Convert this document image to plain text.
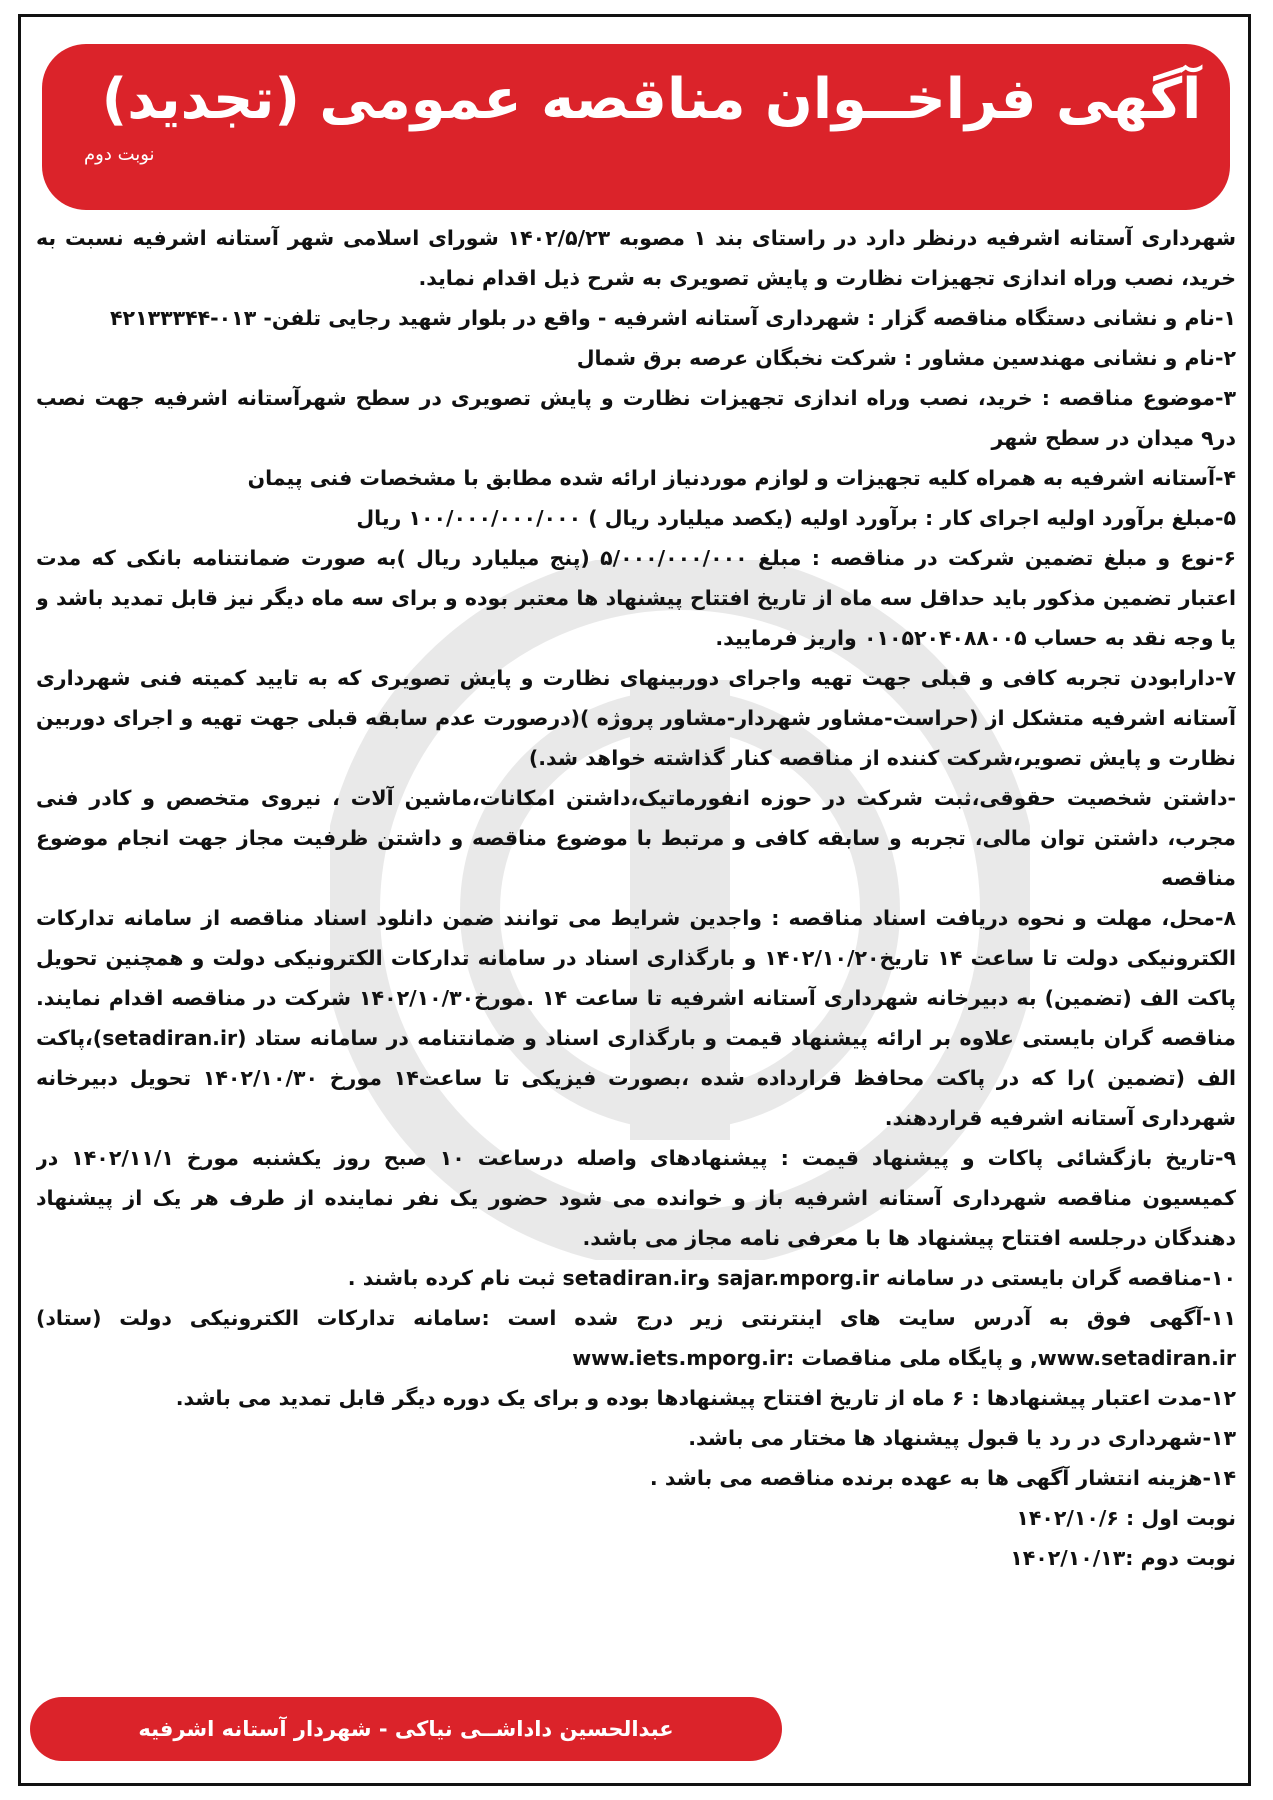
آگهی فراخــوان مناقصه عمومی (تجدید)
نوبت دوم

شهرداری آستانه اشرفیه درنظر دارد در راستای بند ۱ مصوبه ۱۴۰۲/۵/۲۳ شورای اسلامی شهر آستانه اشرفیه نسبت به خرید، نصب وراه اندازی تجهیزات نظارت و پایش تصویری به شرح ذیل اقدام نماید.

۱-نام و نشانی دستگاه مناقصه گزار : شهرداری آستانه اشرفیه - واقع در بلوار شهید رجایی تلفن- ۰۱۳-۴۲۱۳۳۳۴۴

۲-نام و نشانی مهندسین مشاور : شرکت نخبگان عرصه برق شمال

۳-موضوع مناقصه : خرید، نصب وراه اندازی تجهیزات نظارت و پایش تصویری در سطح شهرآستانه اشرفیه جهت نصب در۹ میدان در سطح شهر

۴-آستانه اشرفیه به همراه کلیه تجهیزات و لوازم موردنیاز ارائه شده مطابق با مشخصات فنی پیمان

۵-مبلغ برآورد اولیه اجرای کار : برآورد اولیه (یکصد میلیارد ریال ) ۱۰۰/۰۰۰/۰۰۰/۰۰۰ ریال

۶-نوع و مبلغ تضمین شرکت در مناقصه : مبلغ ۵/۰۰۰/۰۰۰/۰۰۰ (پنج میلیارد ریال )به صورت ضمانتنامه بانکی که مدت اعتبار تضمین مذکور باید حداقل سه ماه از تاریخ افتتاح پیشنهاد ها معتبر بوده و برای سه ماه دیگر نیز قابل تمدید باشد و یا وجه نقد به حساب ۰۱۰۵۲۰۴۰۸۸۰۰۵ واریز فرمایید.

۷-دارابودن تجربه کافی و قبلی جهت تهیه واجرای دوربینهای نظارت و پایش تصویری که به تایید کمیته فنی شهرداری آستانه اشرفیه متشکل از (حراست-مشاور شهردار-مشاور پروژه )(درصورت عدم سابقه قبلی جهت تهیه و اجرای دوربین نظارت و پایش تصویر،شرکت کننده از مناقصه کنار گذاشته خواهد شد.)

-داشتن شخصیت حقوقی،ثبت شرکت در حوزه انفورماتیک،داشتن امکانات،ماشین آلات ، نیروی متخصص و کادر فنی مجرب، داشتن توان مالی، تجربه و سابقه کافی و مرتبط با موضوع مناقصه و داشتن ظرفیت مجاز جهت انجام موضوع مناقصه

۸-محل، مهلت و نحوه دریافت اسناد مناقصه : واجدین شرایط می توانند ضمن دانلود اسناد مناقصه از سامانه تدارکات الکترونیکی دولت تا ساعت ۱۴ تاریخ۱۴۰۲/۱۰/۲۰ و بارگذاری اسناد در سامانه تدارکات الکترونیکی دولت و همچنین تحویل پاکت الف (تضمین) به دبیرخانه شهرداری آستانه اشرفیه تا ساعت ۱۴ .مورخ۱۴۰۲/۱۰/۳۰ شرکت در مناقصه اقدام نمایند. مناقصه گران بایستی علاوه بر ارائه پیشنهاد قیمت و بارگذاری اسناد و ضمانتنامه در سامانه ستاد (setadiran.ir)،پاکت الف (تضمین )را که در پاکت محافظ قرارداده شده ،بصورت فیزیکی تا ساعت۱۴ مورخ ۱۴۰۲/۱۰/۳۰ تحویل دبیرخانه شهرداری آستانه اشرفیه قراردهند.

۹-تاریخ بازگشائی پاکات و پیشنهاد قیمت : پیشنهادهای واصله درساعت ۱۰ صبح روز یکشنبه مورخ ۱۴۰۲/۱۱/۱ در کمیسیون مناقصه شهرداری آستانه اشرفیه باز و خوانده می شود حضور یک نفر نماینده از طرف هر یک از پیشنهاد دهندگان درجلسه افتتاح پیشنهاد ها با معرفی نامه مجاز می باشد.

۱۰-مناقصه گران بایستی در سامانه sajar.mporg.ir وsetadiran.ir ثبت نام کرده باشند .

۱۱-آگهی فوق به آدرس سایت های اینترنتی زیر درج شده است :سامانه تدارکات الکترونیکی دولت (ستاد) www.setadiran.ir, و پایگاه ملی مناقصات :www.iets.mporg.ir

۱۲-مدت اعتبار پیشنهادها : ۶ ماه از تاریخ افتتاح پیشنهادها بوده و برای یک دوره دیگر قابل تمدید می باشد.

۱۳-شهرداری در رد یا قبول پیشنهاد ها مختار می باشد.

۱۴-هزینه انتشار آگهی ها به عهده برنده مناقصه می باشد .

نوبت اول : ۱۴۰۲/۱۰/۶

نوبت دوم :۱۴۰۲/۱۰/۱۳

عبدالحسین داداشــی نیاکی - شهردار آستانه اشرفیه
